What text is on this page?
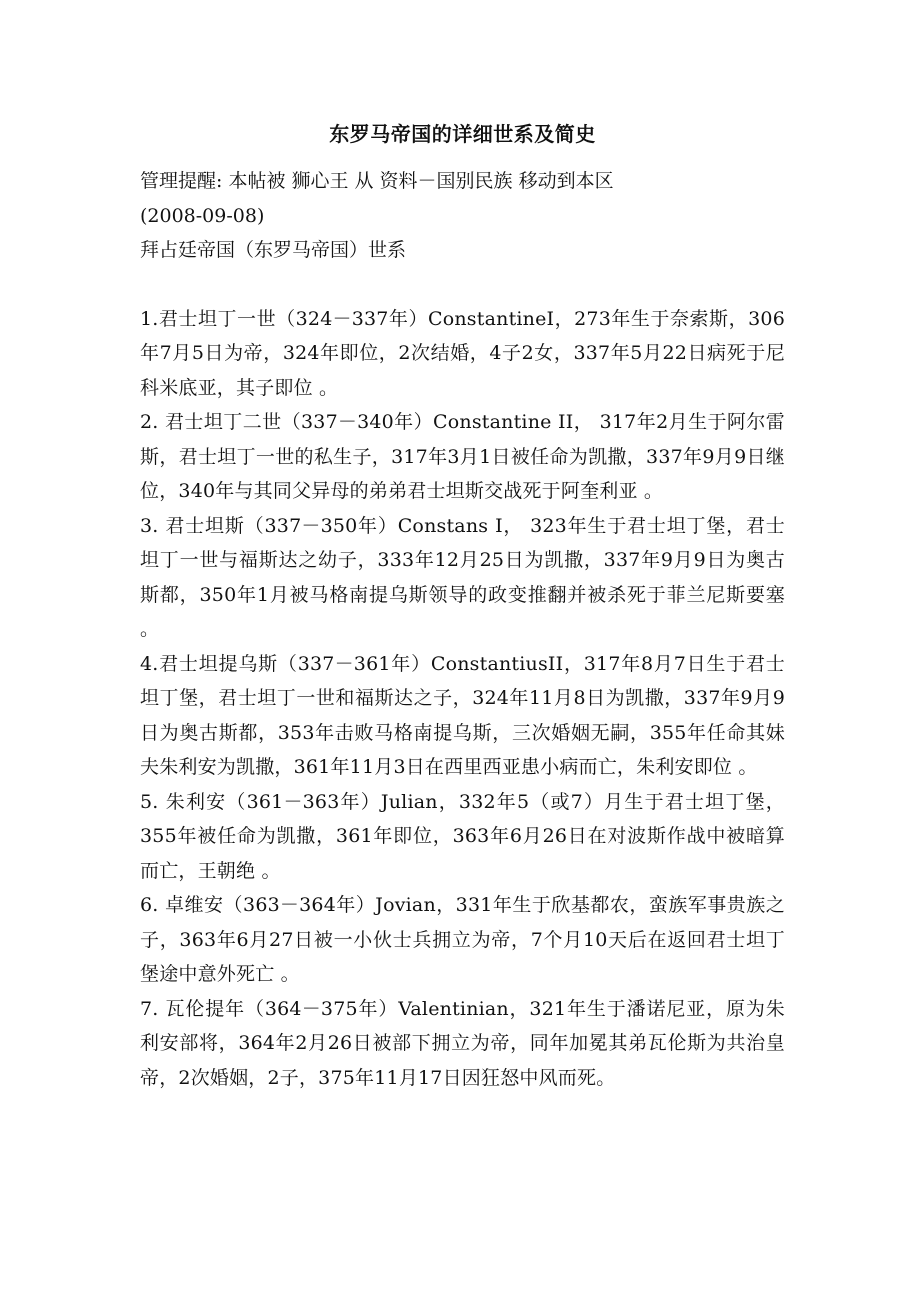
东罗马帝国的详细世系及简史

管理提醒: 本帖被 狮心王 从 资料－国别民族 移动到本区

(2008-09-08)

拜占廷帝国（东罗马帝国）世系

1.君士坦丁一世（324－337年）ConstantineI，273年生于奈索斯，306年7月5日为帝，324年即位，2次结婚，4子2女，337年5月22日病死于尼科米底亚，其子即位 。

2. 君士坦丁二世（337－340年）Constantine II， 317年2月生于阿尔雷斯，君士坦丁一世的私生子，317年3月1日被任命为凯撒，337年9月9日继位，340年与其同父异母的弟弟君士坦斯交战死于阿奎利亚 。

3. 君士坦斯（337－350年）Constans I， 323年生于君士坦丁堡，君士坦丁一世与福斯达之幼子，333年12月25日为凯撒，337年9月9日为奥古斯都，350年1月被马格南提乌斯领导的政变推翻并被杀死于菲兰尼斯要塞 。

4.君士坦提乌斯（337－361年）ConstantiusII，317年8月7日生于君士坦丁堡，君士坦丁一世和福斯达之子，324年11月8日为凯撒，337年9月9日为奥古斯都，353年击败马格南提乌斯，三次婚姻无嗣，355年任命其妹夫朱利安为凯撒，361年11月3日在西里西亚患小病而亡，朱利安即位 。

5. 朱利安（361－363年）Julian，332年5（或7）月生于君士坦丁堡，355年被任命为凯撒，361年即位，363年6月26日在对波斯作战中被暗算而亡，王朝绝 。

6. 卓维安（363－364年）Jovian，331年生于欣基都农，蛮族军事贵族之子，363年6月27日被一小伙士兵拥立为帝，7个月10天后在返回君士坦丁堡途中意外死亡 。

7. 瓦伦提年（364－375年）Valentinian，321年生于潘诺尼亚，原为朱利安部将，364年2月26日被部下拥立为帝，同年加冕其弟瓦伦斯为共治皇帝，2次婚姻，2子，375年11月17日因狂怒中风而死。
